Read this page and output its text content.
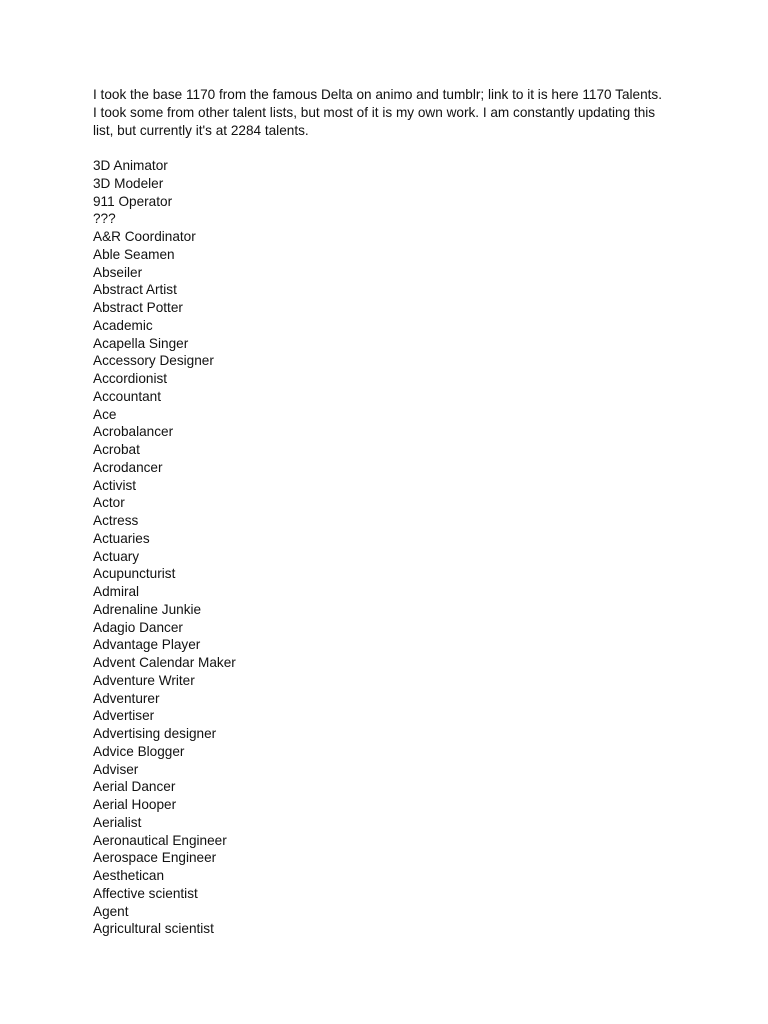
I took the base 1170 from the famous Delta on animo and tumblr; link to it is here 1170 Talents. I took some from other talent lists, but most of it is my own work. I am constantly updating this list, but currently it's at 2284 talents.

3D Animator
3D Modeler
911 Operator
???
A&R Coordinator
Able Seamen
Abseiler
Abstract Artist
Abstract Potter
Academic
Acapella Singer
Accessory Designer
Accordionist
Accountant
Ace
Acrobalancer
Acrobat
Acrodancer
Activist
Actor
Actress
Actuaries
Actuary
Acupuncturist
Admiral
Adrenaline Junkie
Adagio Dancer
Advantage Player
Advent Calendar Maker
Adventure Writer
Adventurer
Advertiser
Advertising designer
Advice Blogger
Adviser
Aerial Dancer
Aerial Hooper
Aerialist
Aeronautical Engineer
Aerospace Engineer
Aesthetican
Affective scientist
Agent
Agricultural scientist
